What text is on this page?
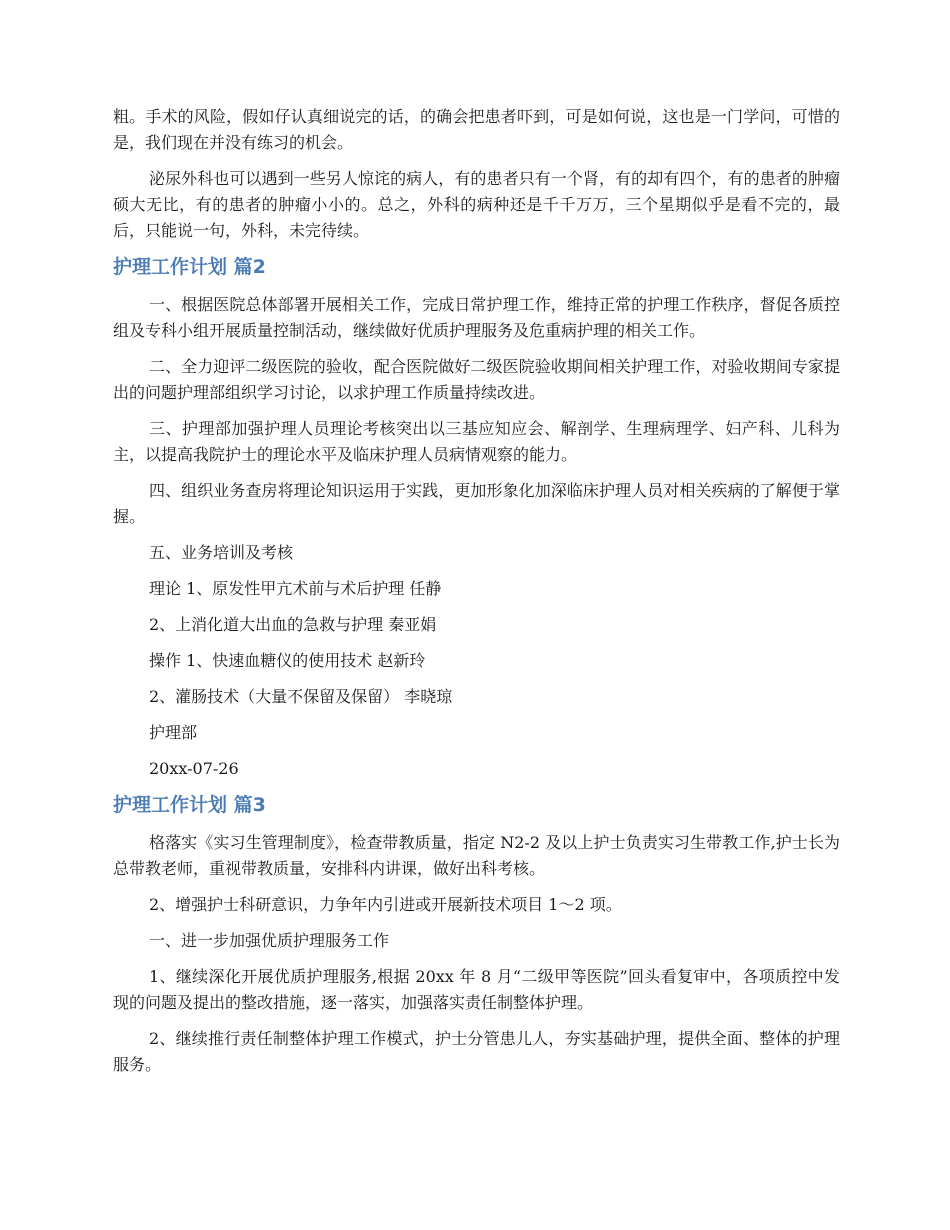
粗。手术的风险，假如仔认真细说完的话，的确会把患者吓到，可是如何说，这也是一门学问，可惜的是，我们现在并没有练习的机会。

泌尿外科也可以遇到一些另人惊诧的病人，有的患者只有一个肾，有的却有四个，有的患者的肿瘤硕大无比，有的患者的肿瘤小小的。总之，外科的病种还是千千万万，三个星期似乎是看不完的，最后，只能说一句，外科，未完待续。

护理工作计划 篇2

一、根据医院总体部署开展相关工作，完成日常护理工作，维持正常的护理工作秩序，督促各质控组及专科小组开展质量控制活动，继续做好优质护理服务及危重病护理的相关工作。

二、全力迎评二级医院的验收，配合医院做好二级医院验收期间相关护理工作，对验收期间专家提出的问题护理部组织学习讨论，以求护理工作质量持续改进。

三、护理部加强护理人员理论考核突出以三基应知应会、解剖学、生理病理学、妇产科、儿科为主，以提高我院护士的理论水平及临床护理人员病情观察的能力。

四、组织业务查房将理论知识运用于实践，更加形象化加深临床护理人员对相关疾病的了解便于掌握。

五、业务培训及考核

理论 1、原发性甲亢术前与术后护理 任静

2、上消化道大出血的急救与护理 秦亚娟

操作 1、快速血糖仪的使用技术 赵新玲

2、灌肠技术（大量不保留及保留） 李晓琼

护理部

20xx-07-26

护理工作计划 篇3

格落实《实习生管理制度》，检查带教质量，指定 N2-2 及以上护士负责实习生带教工作,护士长为总带教老师，重视带教质量，安排科内讲课，做好出科考核。

2、增强护士科研意识，力争年内引进或开展新技术项目 1～2 项。

一、进一步加强优质护理服务工作

1、继续深化开展优质护理服务,根据 20xx 年 8 月“二级甲等医院”回头看复审中，各项质控中发现的问题及提出的整改措施，逐一落实，加强落实责任制整体护理。

2、继续推行责任制整体护理工作模式，护士分管患儿人，夯实基础护理，提供全面、整体的护理服务。
